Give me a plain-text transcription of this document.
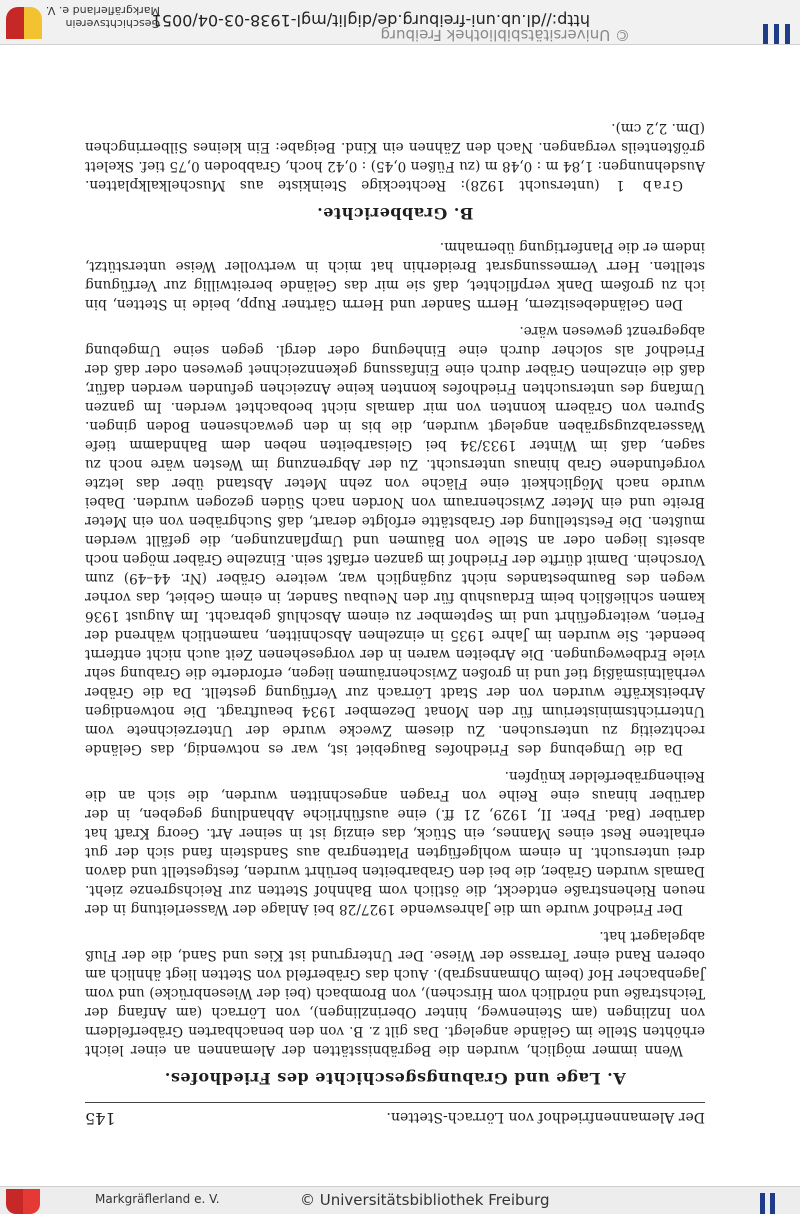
Der Alemannenfriedhof von Lörrach-Stetten.
145
A. Lage und Grabungsgeschichte des Friedhofes.

Wenn immer möglich, wurden die Begräbnisstätten der Alemannen an einer leicht erhöhten Stelle im Gelände angelegt. Das gilt z. B. von den benachbarten Gräberfeldern von Inzlingen (am Steinenweg, hinter Oberinzlingen), von Lörrach (am Anfang der Teichstraße und nördlich vom Hirschen), von Brombach (bei der Wiesenbrücke) und vom Jagenbacher Hof (beim Ohmannsgrab). Auch das Gräberfeld von Stetten liegt ähnlich am oberen Rand einer Terrasse der Wiese. Der Untergrund ist Kies und Sand, die der Fluß abgelagert hat.

Der Friedhof wurde um die Jahreswende 1927/28 bei Anlage der Wasserleitung in der neuen Riehenstraße entdeckt, die östlich vom Bahnhof Stetten zur Reichsgrenze zieht. Damals wurden Gräber, die bei den Grabarbeiten berührt wurden, festgestellt und davon drei untersucht. In einem wohlgefügten Plattengrab aus Sandstein fand sich der gut erhaltene Rest eines Mannes, ein Stück, das einzig ist in seiner Art. Georg Kraft hat darüber (Bad. Fber. II, 1929, 21 ff.) eine ausführliche Abhandlung gegeben, in der darüber hinaus eine Reihe von Fragen angeschnitten wurden, die sich an die Reihengräberfelder knüpfen.

Da die Umgebung des Friedhofes Baugebiet ist, war es notwendig, das Gelände rechtzeitig zu untersuchen. Zu diesem Zwecke wurde der Unterzeichnete vom Unterrichtsministerium für den Monat Dezember 1934 beauftragt. Die notwendigen Arbeitskräfte wurden von der Stadt Lörrach zur Verfügung gestellt. Da die Gräber verhältnismäßig tief und in großen Zwischenräumen liegen, erforderte die Grabung sehr viele Erdbewegungen. Die Arbeiten waren in der vorgesehenen Zeit auch nicht entfernt beendet. Sie wurden im Jahre 1935 in einzelnen Abschnitten, namentlich während der Ferien, weitergeführt und im September zu einem Abschluß gebracht. Im August 1936 kamen schließlich beim Erdaushub für den Neubau Sander, in einem Gebiet, das vorher wegen des Baumbestandes nicht zugänglich war, weitere Gräber (Nr. 44–49) zum Vorschein. Damit dürfte der Friedhof im ganzen erfaßt sein. Einzelne Gräber mögen noch abseits liegen oder an Stelle von Bäumen und Umpflanzungen, die gefällt werden mußten. Die Feststellung der Grabstätte erfolgte derart, daß Suchgräben von ein Meter Breite und ein Meter Zwischenraum von Norden nach Süden gezogen wurden. Dabei wurde nach Möglichkeit eine Fläche von zehn Meter Abstand über das letzte vorgefundene Grab hinaus untersucht. Zu der Abgrenzung im Westen wäre noch zu sagen, daß im Winter 1933/34 bei Gleisarbeiten neben dem Bahndamm tiefe Wasserabzugsgräben angelegt wurden, die bis in den gewachsenen Boden gingen. Spuren von Gräbern konnten von mir damals nicht beobachtet werden. Im ganzen Umfang des untersuchten Friedhofes konnten keine Anzeichen gefunden werden dafür, daß die einzelnen Gräber durch eine Einfassung gekennzeichnet gewesen oder daß der Friedhof als solcher durch eine Einhegung oder dergl. gegen seine Umgebung abgegrenzt gewesen wäre.

Den Geländebesitzern, Herrn Sander und Herrn Gärtner Rupp, beide in Stetten, bin ich zu großem Dank verpflichtet, daß sie mir das Gelände bereitwillig zur Verfügung stellten. Herr Vermessungsrat Breiderhin hat mich in wertvoller Weise unterstützt, indem er die Planfertigung übernahm.

B. Grabberichte.

Grab 1 (untersucht 1928): Rechteckige Steinkiste aus Muschelkalkplatten. Ausdehnungen: 1,84 m : 0,48 m (zu Füßen 0,45) : 0,42 hoch, Grabboden 0,75 tief. Skelett größtenteils vergangen. Nach den Zähnen ein Kind. Beigabe: Ein kleines Silberringchen (Dm. 2,2 cm).

© Universitätsbibliothek Freiburg
http://dl.ub.uni-freiburg.de/diglit/mgl-1938-03-04/0051
Geschichtsverein Markgräflerland e. V.
Markgräflerland e. V.	© Universitätsbibliothek Freiburg
